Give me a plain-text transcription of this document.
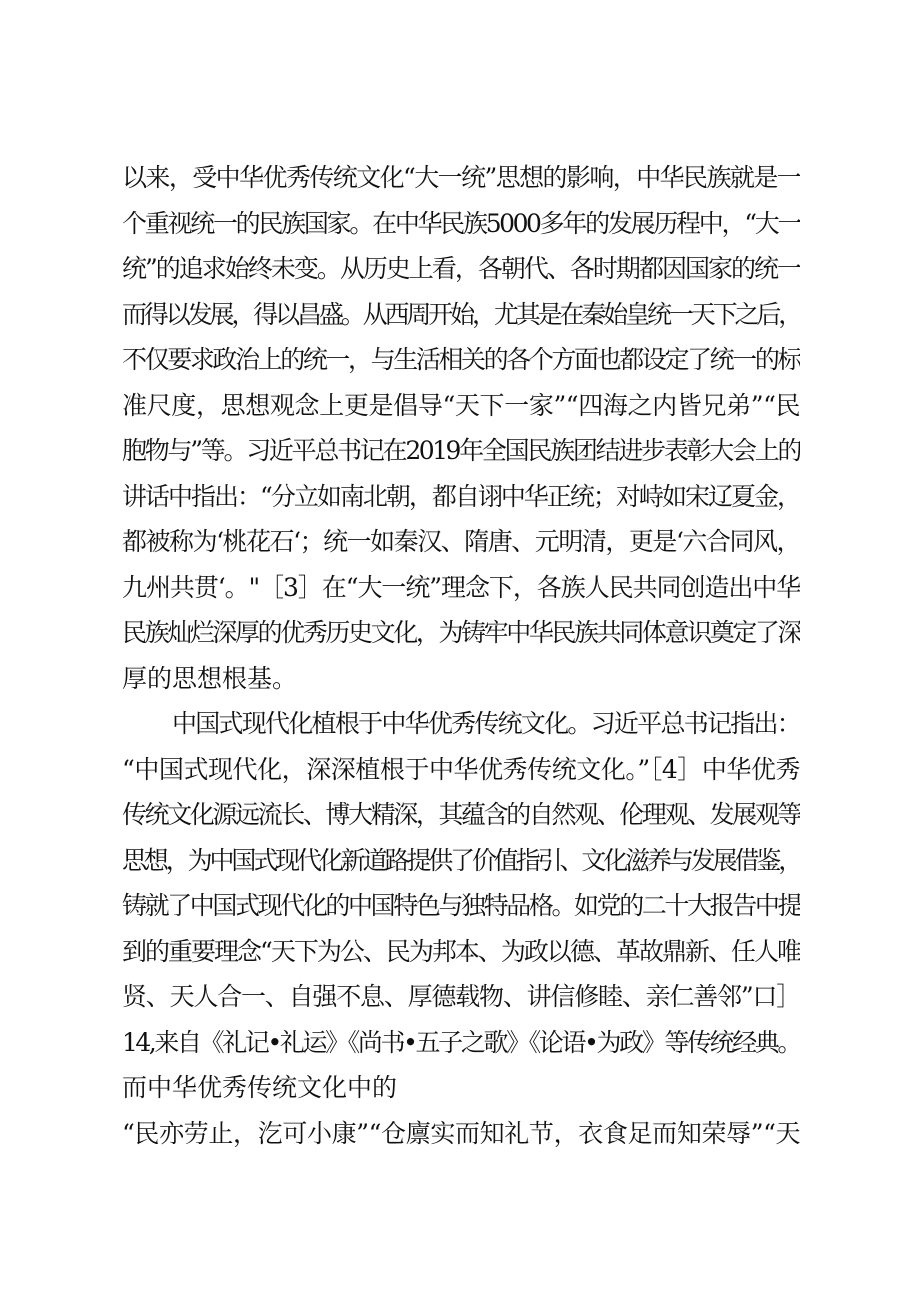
以来，受中华优秀传统文化“大一统”思想的影响，中华民族就是一
个重视统一的民族国家。在中华民族5000多年的发展历程中，“大一
统”的追求始终未变。从历史上看，各朝代、各时期都因国家的统一
而得以发展，得以昌盛。从西周开始，尤其是在秦始皇统一天下之后，
不仅要求政治上的统一，与生活相关的各个方面也都设定了统一的标
准尺度，思想观念上更是倡导“天下一家”“四海之内皆兄弟”“民
胞物与”等。习近平总书记在2019年全国民族团结进步表彰大会上的
讲话中指出：“分立如南北朝，都自诩中华正统；对峙如宋辽夏金，
都被称为‘桃花石‘；统一如秦汉、隋唐、元明清，更是‘六合同风，
九州共贯‘。"［3］在“大一统”理念下，各族人民共同创造出中华
民族灿烂深厚的优秀历史文化，为铸牢中华民族共同体意识奠定了深
厚的思想根基。
中国式现代化植根于中华优秀传统文化。习近平总书记指出：
“中国式现代化，深深植根于中华优秀传统文化。”［4］中华优秀
传统文化源远流长、博大精深，其蕴含的自然观、伦理观、发展观等
思想，为中国式现代化新道路提供了价值指引、文化滋养与发展借鉴，
铸就了中国式现代化的中国特色与独特品格。如党的二十大报告中提
到的重要理念“天下为公、民为邦本、为政以德、革故鼎新、任人唯
贤、天人合一、自强不息、厚德载物、讲信修睦、亲仁善邻”口］
14,来自《礼记•礼运》《尚书•五子之歌》《论语•为政》等传统经典。
而中华优秀传统文化中的
“民亦劳止，汔可小康”“仓廪实而知礼节，衣食足而知荣辱”“天
